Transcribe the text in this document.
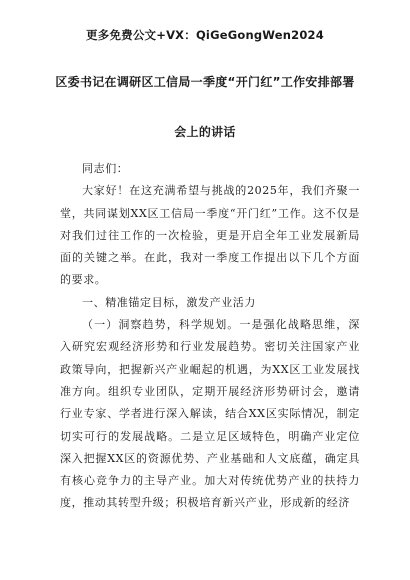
更多免费公文+VX：QiGeGongWen2024
区委书记在调研区工信局一季度“开门红”工作安排部署
会上的讲话

同志们：

大家好！在这充满希望与挑战的2025年，我们齐聚一堂，共同谋划XX区工信局一季度“开门红”工作。这不仅是对我们过往工作的一次检验，更是开启全年工业发展新局面的关键之举。在此，我对一季度工作提出以下几个方面的要求。

一、精准锚定目标，激发产业活力

（一）洞察趋势，科学规划。一是强化战略思维，深入研究宏观经济形势和行业发展趋势。密切关注国家产业政策导向，把握新兴产业崛起的机遇，为XX区工业发展找准方向。组织专业团队，定期开展经济形势研讨会，邀请行业专家、学者进行深入解读，结合XX区实际情况，制定切实可行的发展战略。二是立足区域特色，明确产业定位深入把握XX区的资源优势、产业基础和人文底蕴，确定具有核心竞争力的主导产业。加大对传统优势产业的扶持力度，推动其转型升级；积极培育新兴产业，形成新的经济
